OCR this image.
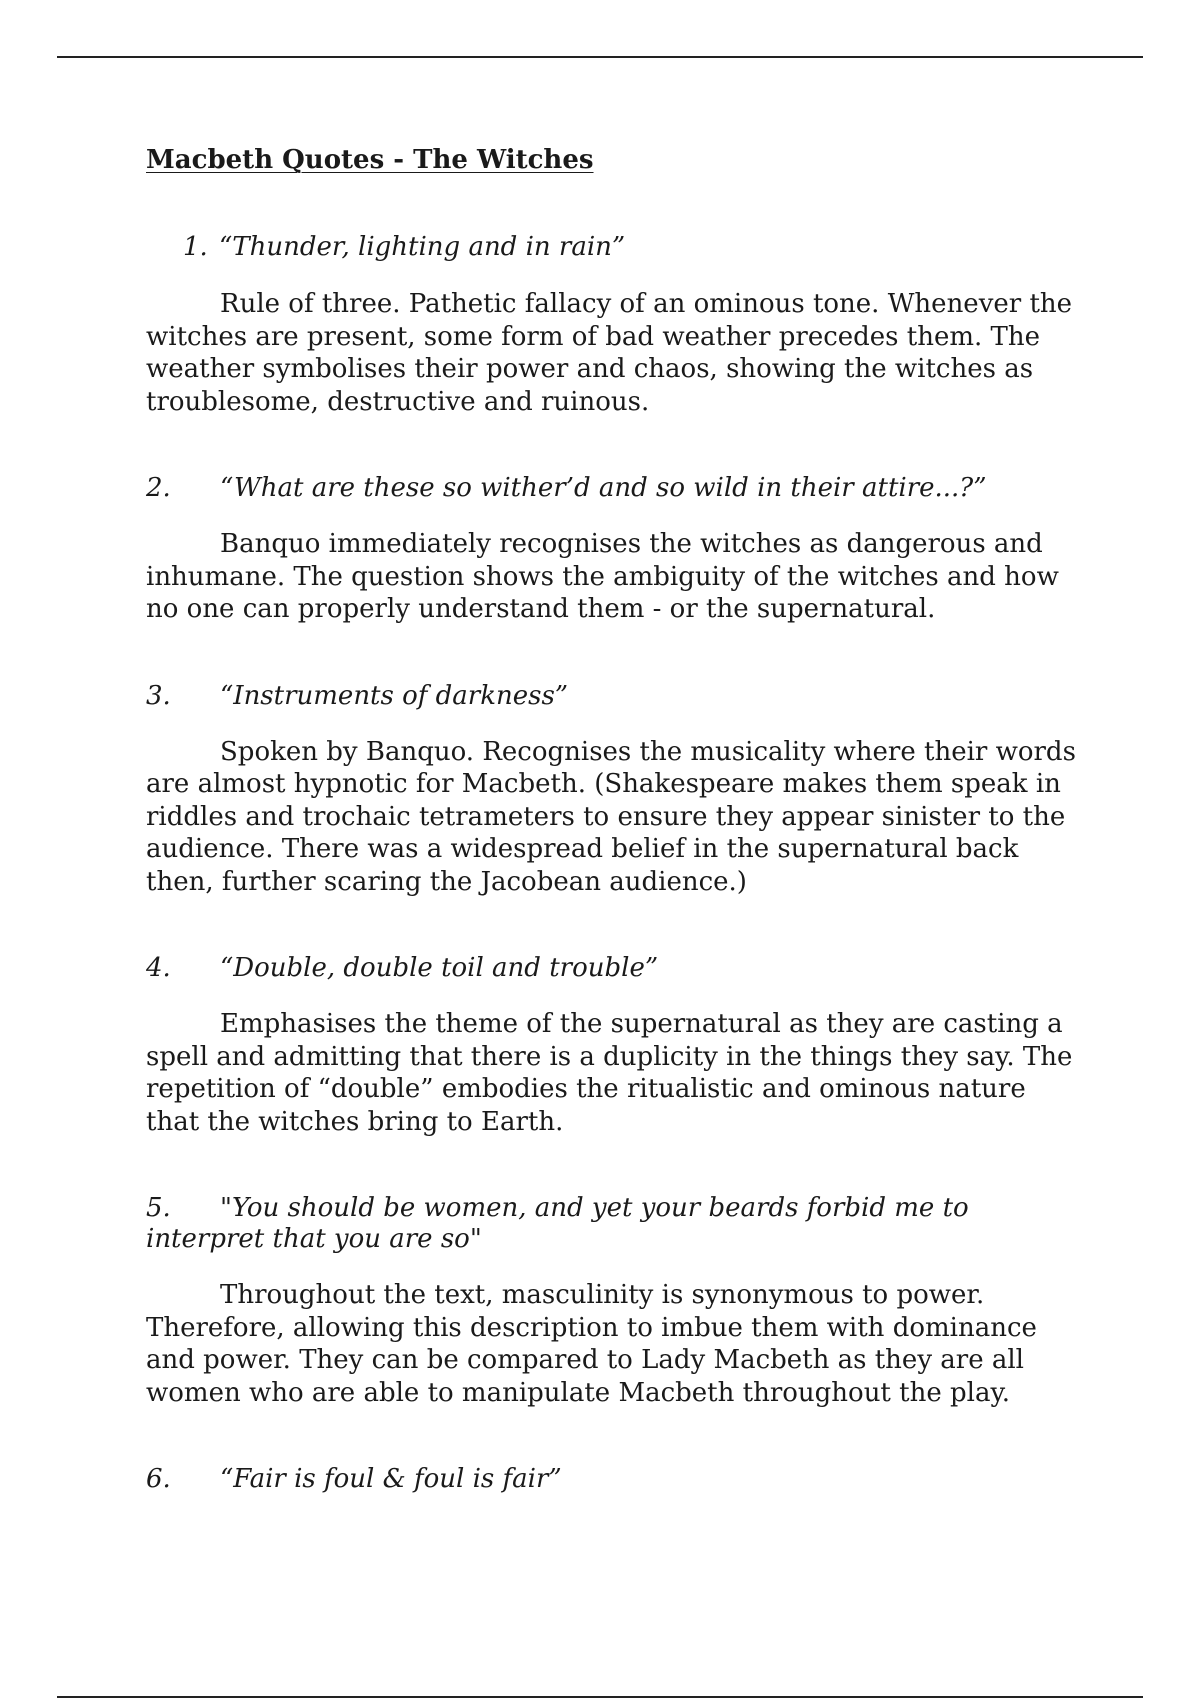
Macbeth Quotes - The Witches

1. “Thunder, lighting and in rain”

Rule of three. Pathetic fallacy of an ominous tone. Whenever the witches are present, some form of bad weather precedes them. The weather symbolises their power and chaos, showing the witches as troublesome, destructive and ruinous.

2. “What are these so wither’d and so wild in their attire...?”

Banquo immediately recognises the witches as dangerous and inhumane. The question shows the ambiguity of the witches and how no one can properly understand them - or the supernatural.

3. “Instruments of darkness”

Spoken by Banquo. Recognises the musicality where their words are almost hypnotic for Macbeth. (Shakespeare makes them speak in riddles and trochaic tetrameters to ensure they appear sinister to the audience. There was a widespread belief in the supernatural back then, further scaring the Jacobean audience.)

4. “Double, double toil and trouble”

Emphasises the theme of the supernatural as they are casting a spell and admitting that there is a duplicity in the things they say. The repetition of “double” embodies the ritualistic and ominous nature that the witches bring to Earth.

5. "You should be women, and yet your beards forbid me to interpret that you are so"

Throughout the text, masculinity is synonymous to power. Therefore, allowing this description to imbue them with dominance and power. They can be compared to Lady Macbeth as they are all women who are able to manipulate Macbeth throughout the play.

6. “Fair is foul & foul is fair”
